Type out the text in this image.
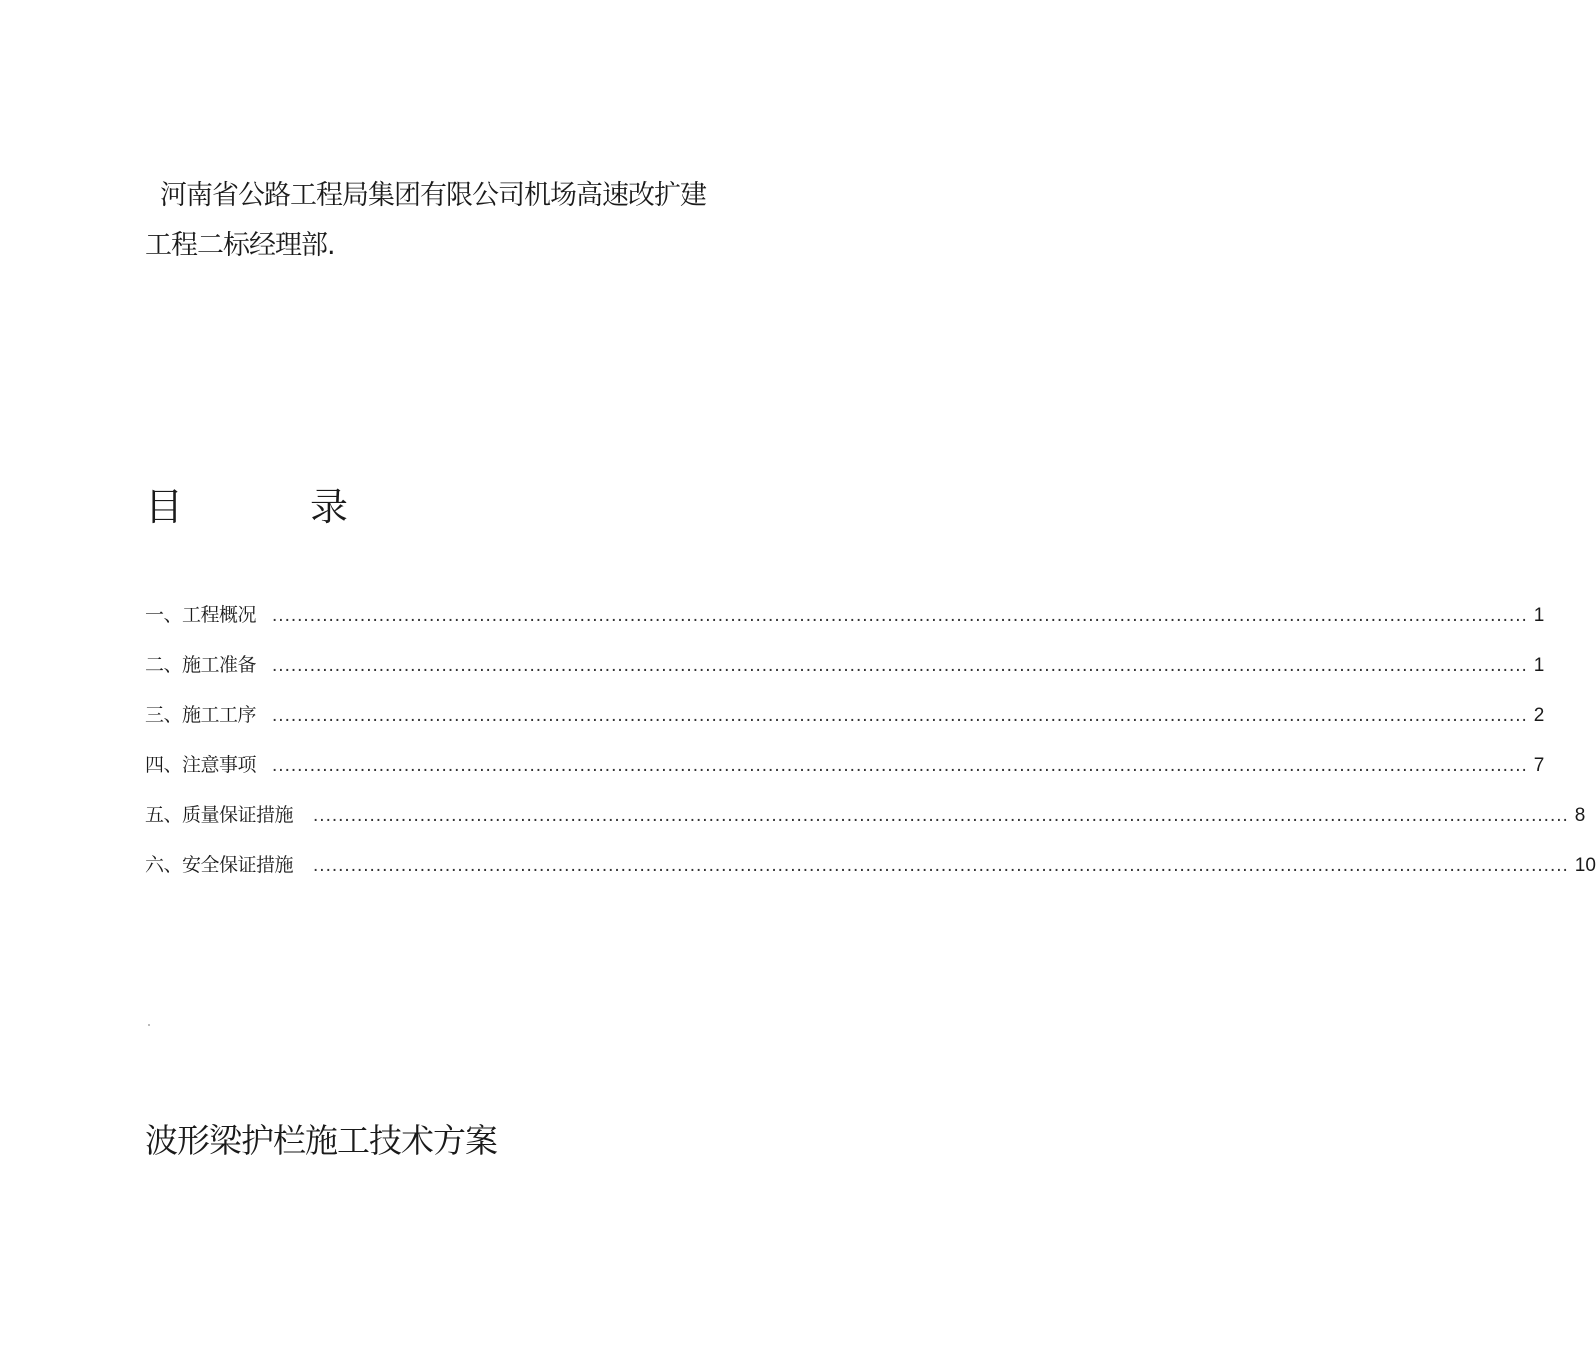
河南省公路工程局集团有限公司机场高速改扩建
工程二标经理部.
目	录
一、工程概况 ........................................................................................................................................................................................................ 1
二、施工准备 ........................................................................................................................................................................................................ 1
三、施工工序 ........................................................................................................................................................................................................ 2
四、注意事项 ........................................................................................................................................................................................................ 7
五、质量保证措施 ........................................................................................................................................................................................................ 8
六、安全保证措施 ........................................................................................................................................................................................................ 10
波形梁护栏施工技术方案
